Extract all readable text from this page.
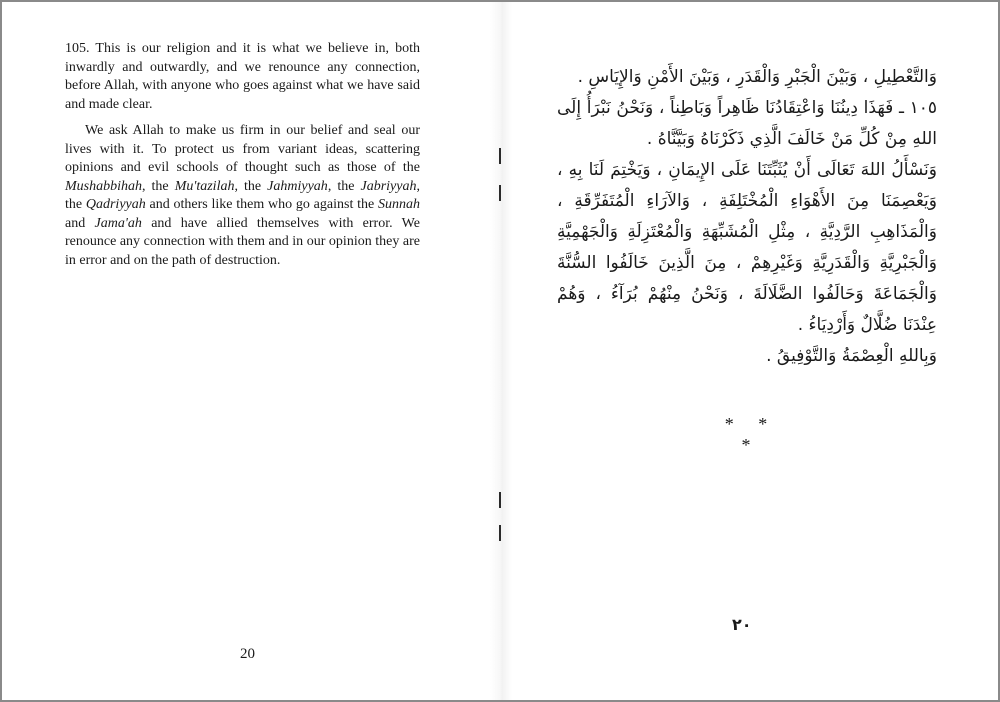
105. This is our religion and it is what we believe in, both inwardly and outwardly, and we renounce any connection, before Allah, with anyone who goes against what we have said and made clear.

We ask Allah to make us firm in our belief and seal our lives with it. To protect us from variant ideas, scattering opinions and evil schools of thought such as those of the Mushabbihah, the Mu'tazilah, the Jahmiyyah, the Jabriyyah, the Qadriyyah and others like them who go against the Sunnah and Jama'ah and have allied themselves with error. We renounce any connection with them and in our opinion they are in error and on the path of destruction.

20

وَالتَّعْطِيلِ ، وَبَيْنَ الْجَبْرِ وَالْقَدَرِ ، وَبَيْنَ الأَمْنِ وَالإِيَاسِ .

١٠٥ ـ فَهَذَا دِينُنَا وَاعْتِقَادُنَا ظَاهِراً وَبَاطِناً ، وَنَحْنُ نَبْرَأُ إِلَى اللهِ مِنْ كُلِّ مَنْ خَالَفَ الَّذِي ذَكَرْنَاهُ وَبَيَّنَّاهُ .

وَنَسْأَلُ اللهَ تَعَالَى أَنْ يُثَبِّتَنَا عَلَى الإِيمَانِ ، وَيَخْتِمَ لَنَا بِهِ ، وَيَعْصِمَنَا مِنَ الأَهْوَاءِ الْمُخْتَلِفَةِ ، وَالآرَاءِ الْمُتَفَرِّقَةِ ، وَالْمَذَاهِبِ الرَّدِيَّةِ ، مِثْلِ الْمُشَبِّهَةِ وَالْمُعْتَزِلَةِ وَالْجَهْمِيَّةِ وَالْجَبْرِيَّةِ وَالْقَدَرِيَّةِ وَغَيْرِهِمْ ، مِنَ الَّذِينَ خَالَفُوا السُّنَّةَ وَالْجَمَاعَةَ وَحَالَفُوا الضَّلَالَةَ ، وَنَحْنُ مِنْهُمْ بُرَآءُ ، وَهُمْ عِنْدَنَا ضُلَّالٌ وَأَرْدِيَاءُ .

وَبِاللهِ الْعِصْمَةُ وَالتَّوْفِيقُ .

* * *
٢٠
